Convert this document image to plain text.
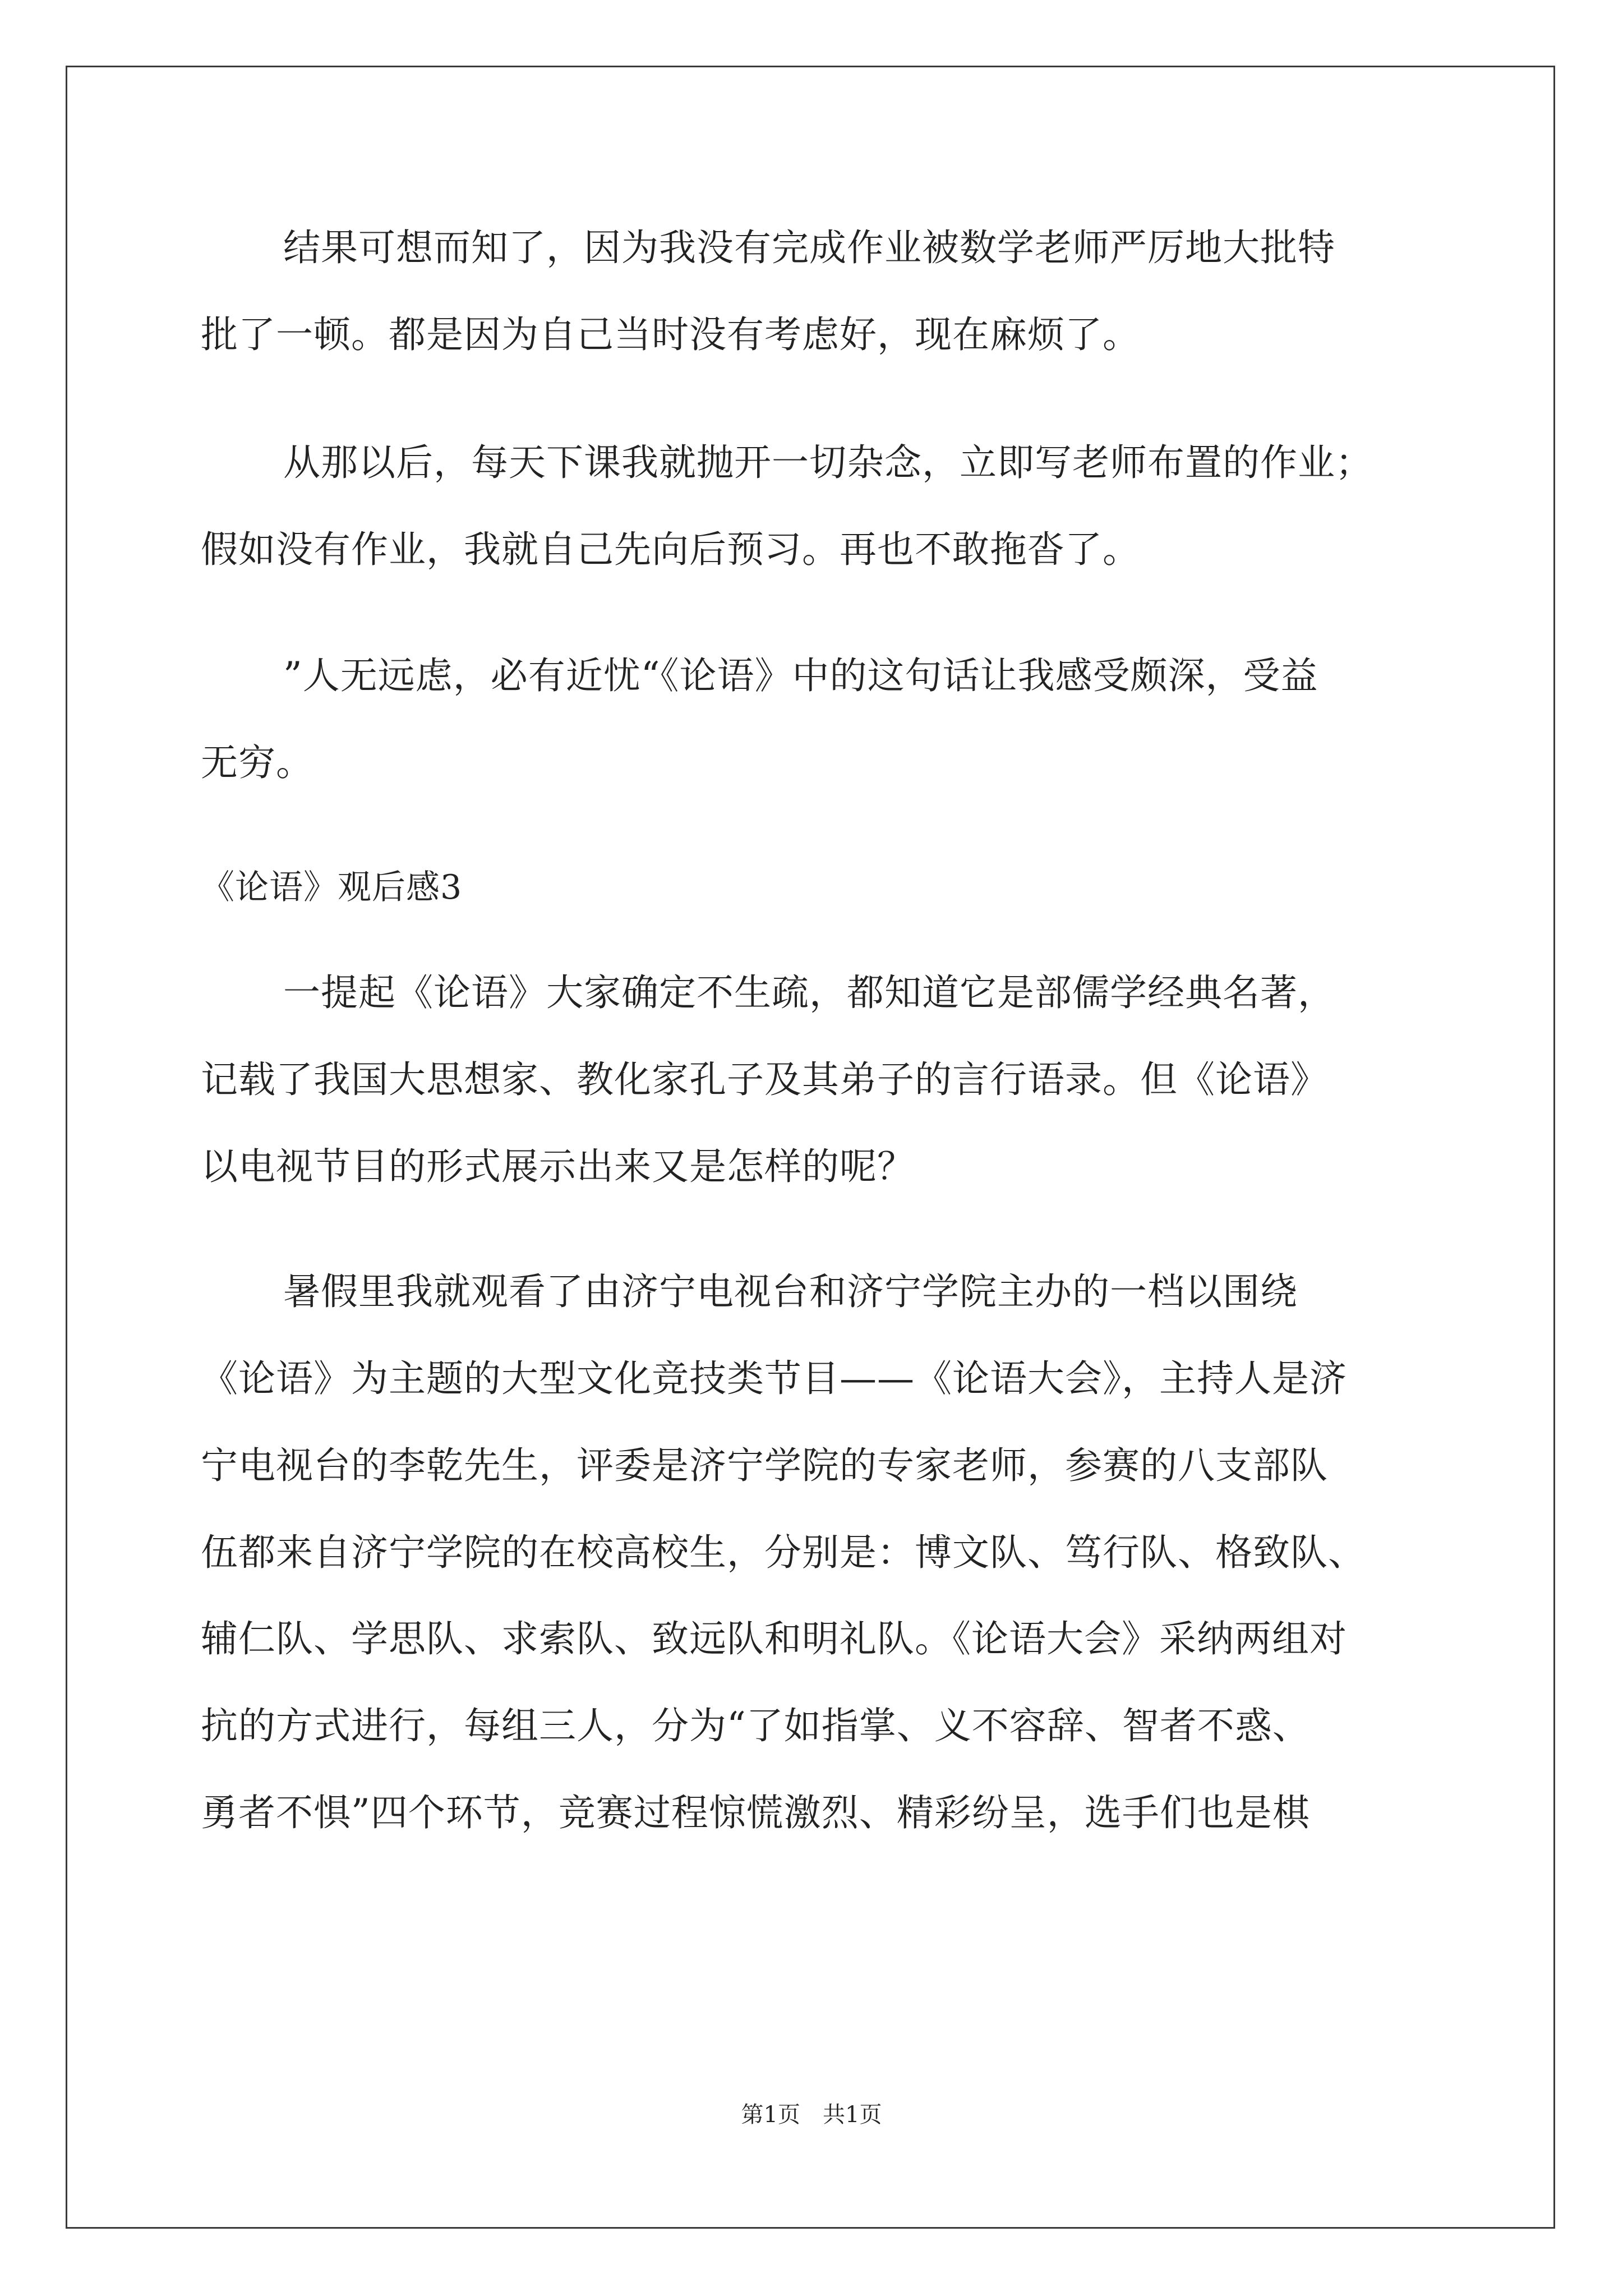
结果可想而知了，因为我没有完成作业被数学老师严厉地大批特
批了一顿。都是因为自己当时没有考虑好，现在麻烦了。
从那以后，每天下课我就抛开一切杂念，立即写老师布置的作业；
假如没有作业，我就自己先向后预习。再也不敢拖沓了。
”人无远虑，必有近忧“《论语》中的这句话让我感受颇深，受益
无穷。
《论语》观后感3
一提起《论语》大家确定不生疏，都知道它是部儒学经典名著，
记载了我国大思想家、教化家孔子及其弟子的言行语录。但《论语》
以电视节目的形式展示出来又是怎样的呢？
暑假里我就观看了由济宁电视台和济宁学院主办的一档以围绕
《论语》为主题的大型文化竞技类节目——《论语大会》，主持人是济
宁电视台的李乾先生，评委是济宁学院的专家老师，参赛的八支部队
伍都来自济宁学院的在校高校生，分别是：博文队、笃行队、格致队、
辅仁队、学思队、求索队、致远队和明礼队。《论语大会》采纳两组对
抗的方式进行，每组三人，分为“了如指掌、义不容辞、智者不惑、
勇者不惧”四个环节，竞赛过程惊慌激烈、精彩纷呈，选手们也是棋
第1页 共1页
